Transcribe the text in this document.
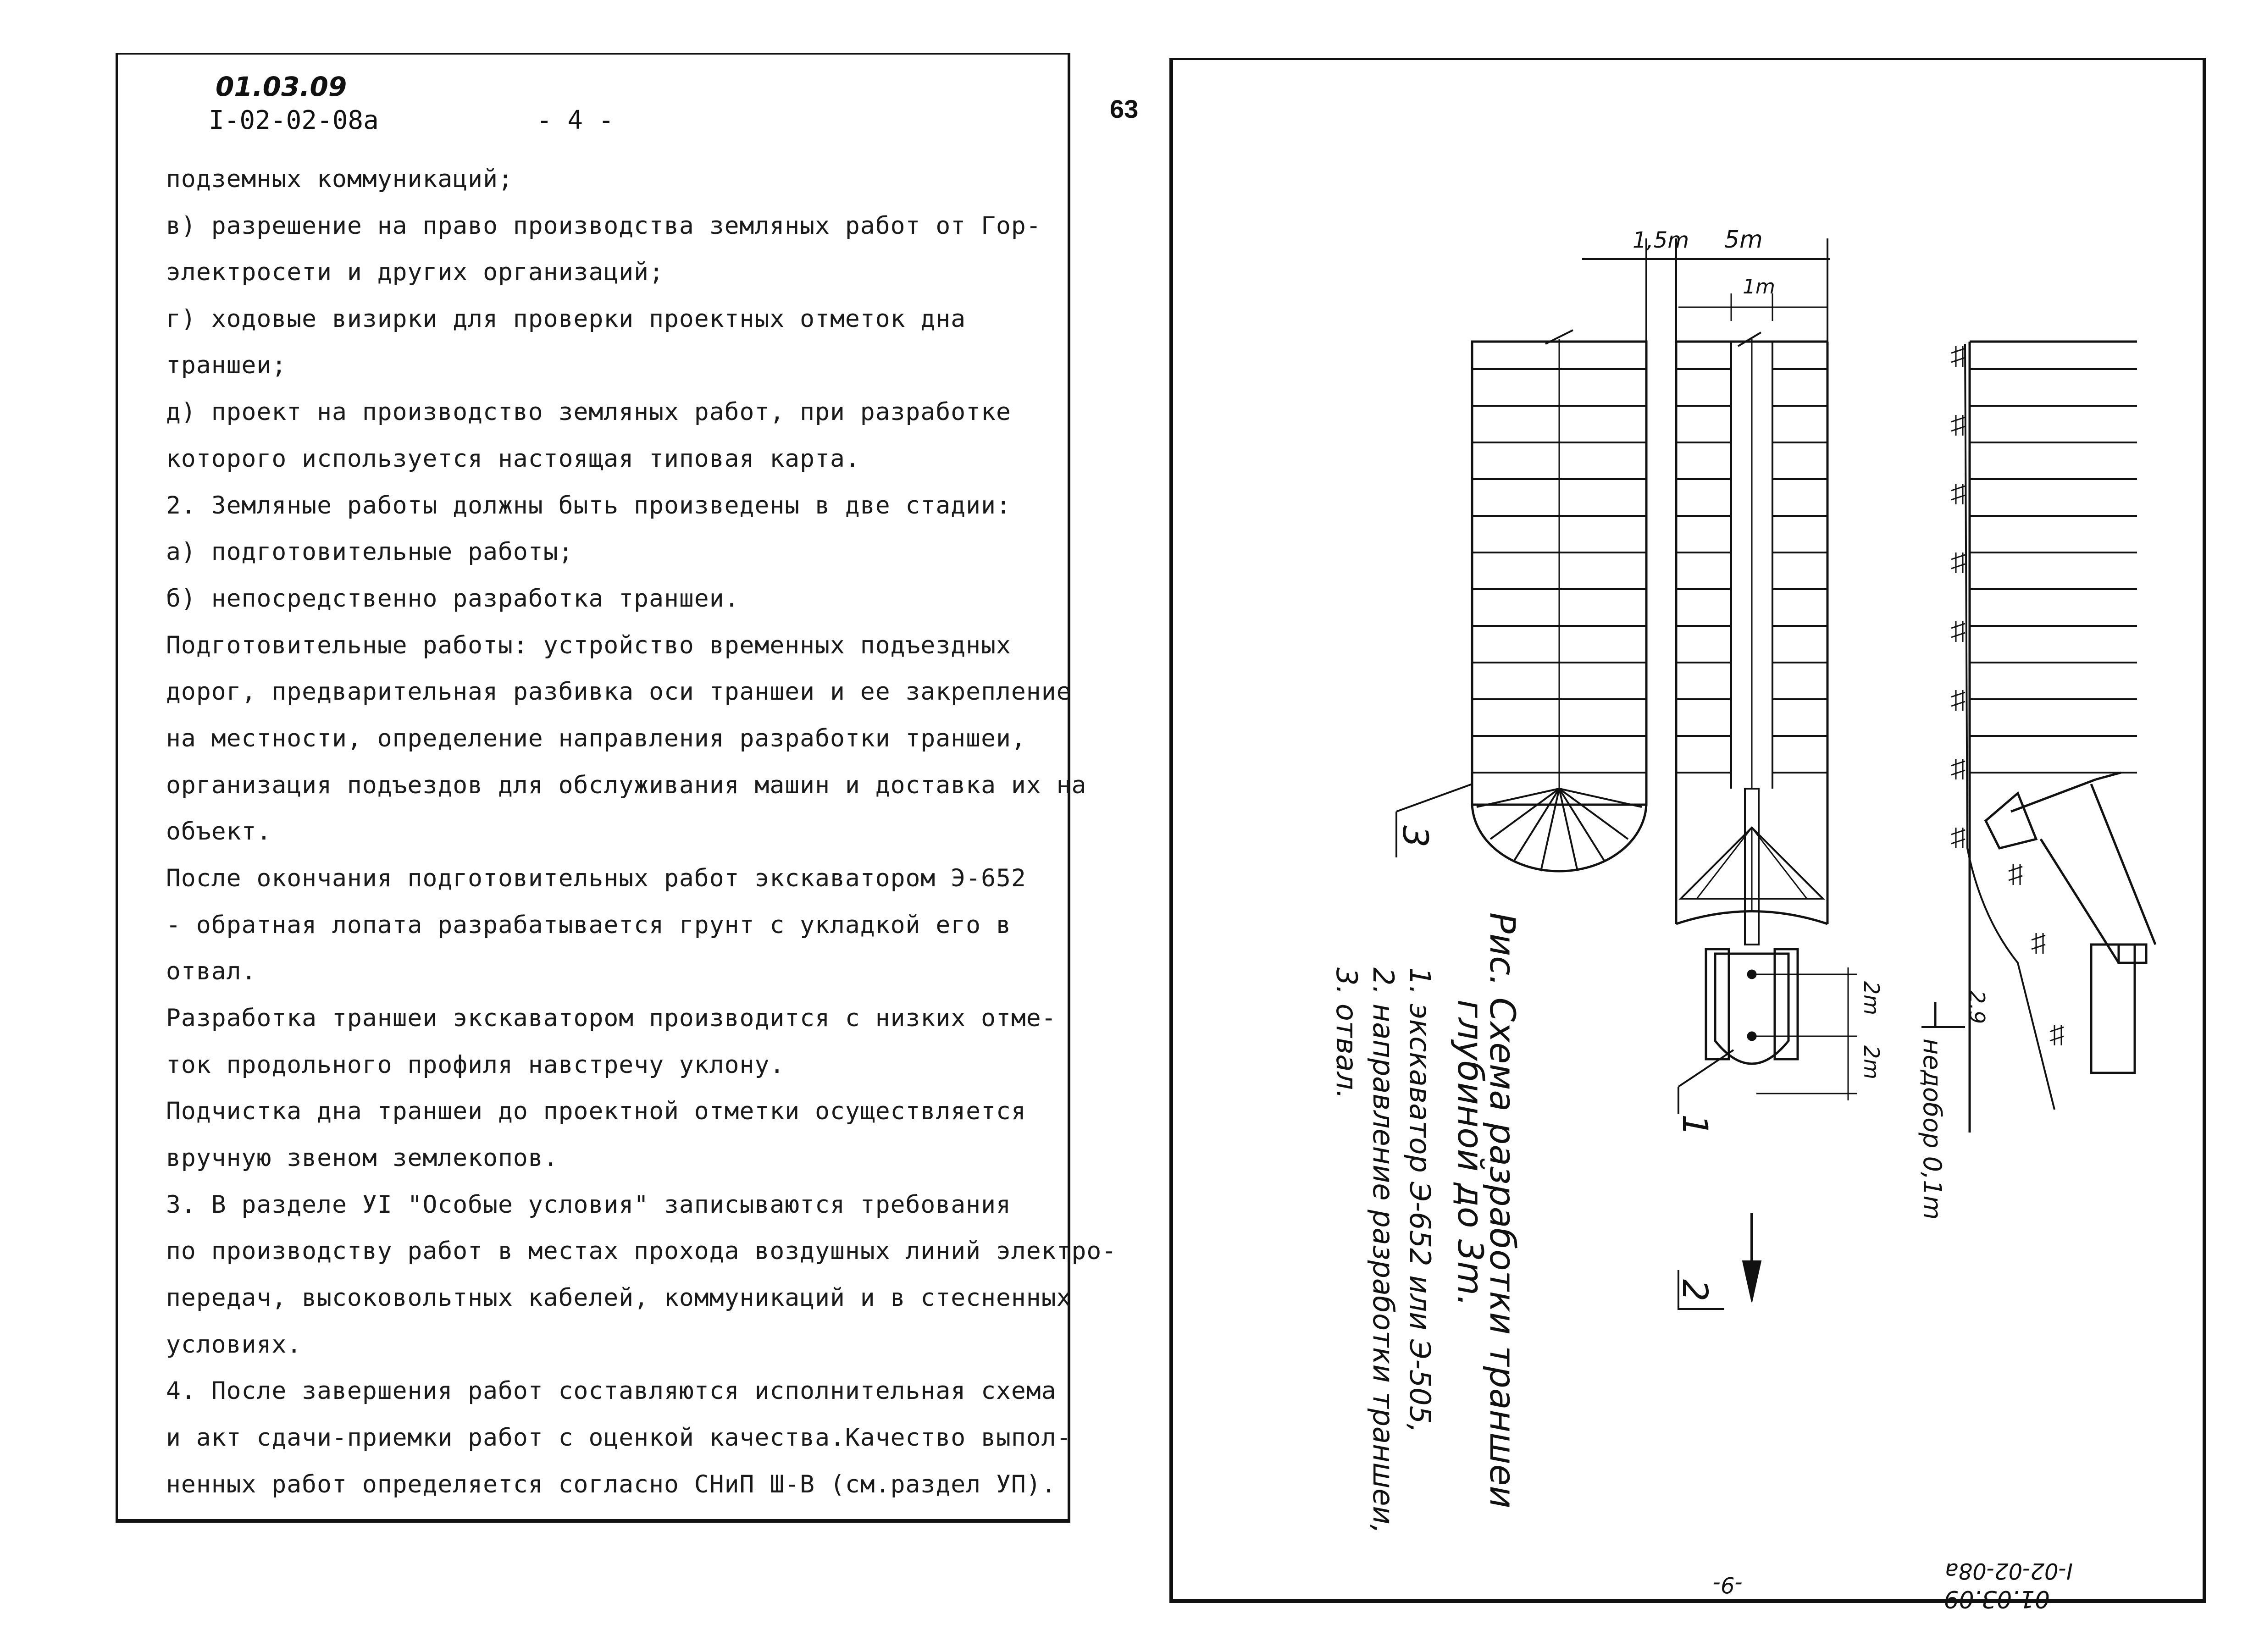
01.03.09
I-02-02-08a	- 4 -
подземных коммуникаций;
в) разрешение на право производства земляных работ от Гор-
электросети и других организаций;
г) ходовые визирки для проверки проектных отметок дна
траншеи;
д) проект на производство земляных работ, при разработке
которого используется настоящая типовая карта.
2. Земляные работы должны быть произведены в две стадии:
а) подготовительные работы;
б) непосредственно разработка траншеи.
Подготовительные работы: устройство временных подъездных
дорог, предварительная разбивка оси траншеи и ее закрепление
на местности, определение направления разработки траншеи,
организация подъездов для обслуживания машин и доставка их на
объект.
После окончания подготовительных работ экскаватором Э-652
- обратная лопата разрабатывается грунт с укладкой его в
отвал.
Разработка траншеи экскаватором производится с низких отме-
ток продольного профиля навстречу уклону.
Подчистка дна траншеи до проектной отметки осуществляется
вручную звеном землекопов.
3. В разделе УI "Особые условия" записываются требования
по производству работ в местах прохода воздушных линий электро-
передач, высоковольтных кабелей, коммуникаций и в стесненных
условиях.
4. После завершения работ составляются исполнительная схема
и акт сдачи-приемки работ с оценкой качества.Качество выпол-
ненных работ определяется согласно СНиП Ш-В (см.раздел УП).
63
1,5m 5m
1m
2m
2m
2.9
недобор 0,1m
1
2
3
Рис. Схема разработки траншеи
глубиной до 3m.
1. экскаватор Э-652 или Э-505,
2. направление разработки траншеи,
3. отвал.
-9-
01.03.09
I-02-02-08a
